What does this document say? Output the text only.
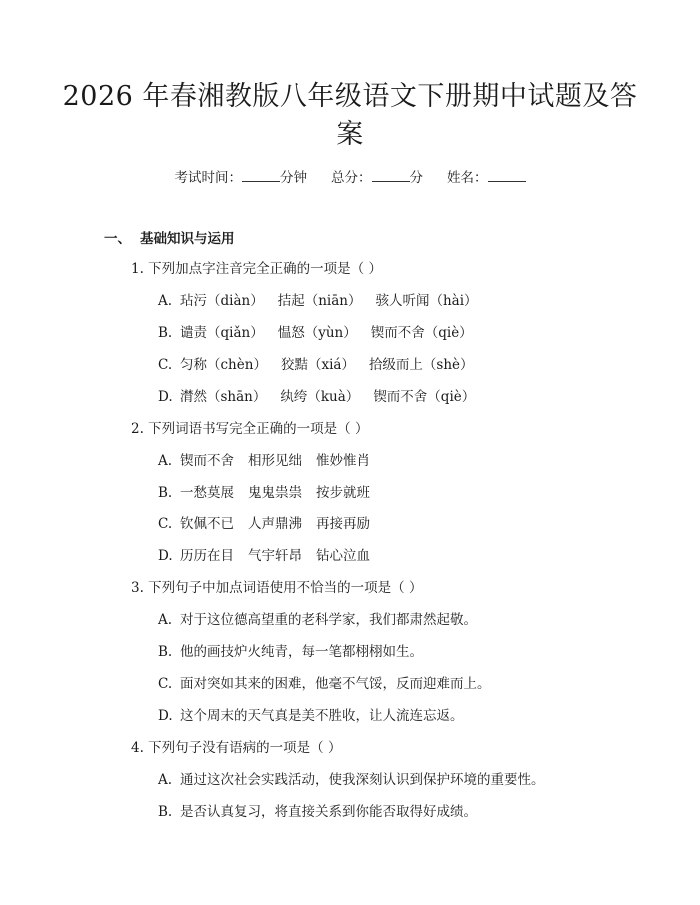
2026 年春湘教版八年级语文下册期中试题及答案
考试时间：	分钟 总分：	分 姓名：
一、 基础知识与运用
1. 下列加点字注音完全正确的一项是（ ）
A. 玷污（diàn） 拮起（niān） 骇人听闻（hài）
B. 谴责（qiǎn） 愠怒（yùn） 锲而不舍（qiè）
C. 匀称（chèn） 狡黠（xiá） 拾级而上（shè）
D. 潸然（shān） 纨绔（kuà） 锲而不舍（qiè）
2. 下列词语书写完全正确的一项是（ ）
A. 锲而不舍 相形见绌 惟妙惟肖
B. 一愁莫展 鬼鬼祟祟 按步就班
C. 钦佩不已 人声鼎沸 再接再励
D. 历历在目 气宇轩昂 钻心泣血
3. 下列句子中加点词语使用不恰当的一项是（ ）
A. 对于这位德高望重的老科学家，我们都肃然起敬。
B. 他的画技炉火纯青，每一笔都栩栩如生。
C. 面对突如其来的困难，他毫不气馁，反而迎难而上。
D. 这个周末的天气真是美不胜收，让人流连忘返。
4. 下列句子没有语病的一项是（ ）
A. 通过这次社会实践活动，使我深刻认识到保护环境的重要性。
B. 是否认真复习，将直接关系到你能否取得好成绩。
